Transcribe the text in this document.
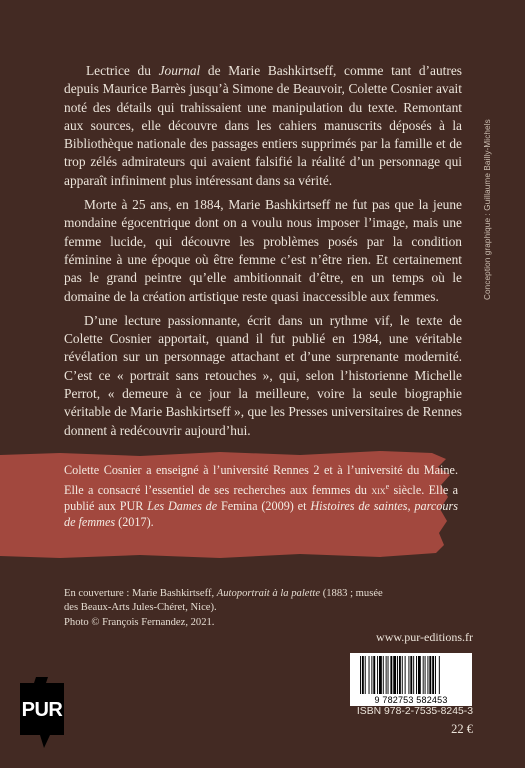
Lectrice du Journal de Marie Bashkirtseff, comme tant d’autres depuis Maurice Barrès jusqu’à Simone de Beauvoir, Colette Cosnier avait noté des détails qui trahissaient une manipulation du texte. Remontant aux sources, elle découvre dans les cahiers manuscrits déposés à la Bibliothèque nationale des passages entiers supprimés par la famille et de trop zélés admirateurs qui avaient falsifié la réalité d’un personnage qui apparaît infiniment plus intéressant dans sa vérité.

Morte à 25 ans, en 1884, Marie Bashkirtseff ne fut pas que la jeune mondaine égocentrique dont on a voulu nous imposer l’image, mais une femme lucide, qui découvre les problèmes posés par la condition féminine à une époque où être femme c’est n’être rien. Et certainement pas le grand peintre qu’elle ambitionnait d’être, en un temps où le domaine de la création artistique reste quasi inaccessible aux femmes.

D’une lecture passionnante, écrit dans un rythme vif, le texte de Colette Cosnier apportait, quand il fut publié en 1984, une véritable révélation sur un personnage attachant et d’une surprenante modernité. C’est ce « portrait sans retouches », qui, selon l’historienne Michelle Perrot, « demeure à ce jour la meilleure, voire la seule biographie véritable de Marie Bashkirtseff », que les Presses universitaires de Rennes donnent à redécouvrir aujourd’hui.

Conception graphique : Guillaume Bailly-Michels
Colette Cosnier a enseigné à l’université Rennes 2 et à l’université du Maine. Elle a consacré l’essentiel de ses recherches aux femmes du xix$^e$ siècle. Elle a publié aux PUR Les Dames de Femina (2009) et Histoires de saintes, parcours de femmes (2017).
En couverture : Marie Bashkirtseff, Autoportrait à la palette (1883 ; musée des Beaux-Arts Jules-Chéret, Nice).
Photo © François Fernandez, 2021.
www.pur-editions.fr
9 782753 582453
ISBN 978-2-7535-8245-3
22 €
PUR
